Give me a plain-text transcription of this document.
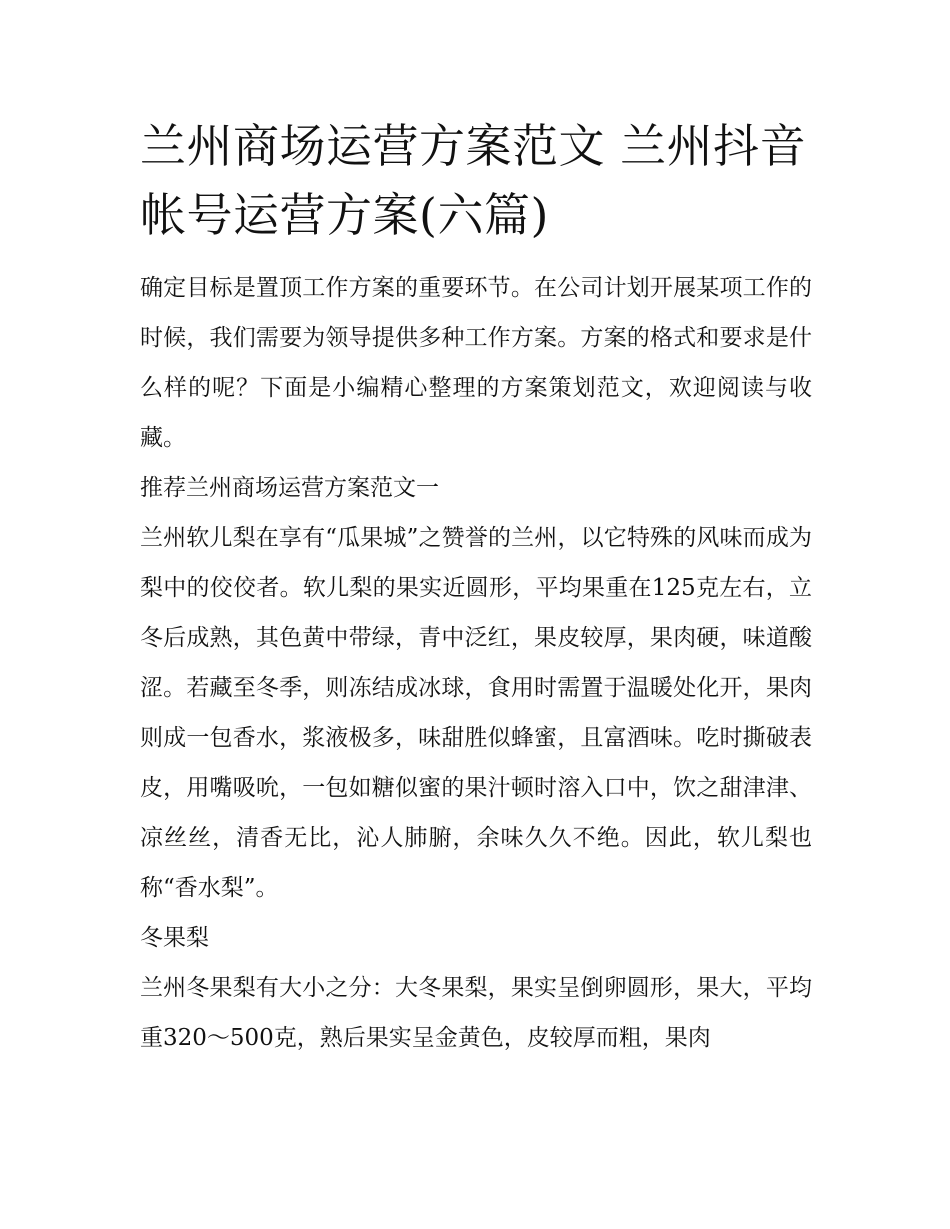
兰州商场运营方案范文 兰州抖音帐号运营方案(六篇)

确定目标是置顶工作方案的重要环节。在公司计划开展某项工作的时候，我们需要为领导提供多种工作方案。方案的格式和要求是什么样的呢？下面是小编精心整理的方案策划范文，欢迎阅读与收藏。

推荐兰州商场运营方案范文一

兰州软儿梨在享有“瓜果城”之赞誉的兰州，以它特殊的风味而成为梨中的佼佼者。软儿梨的果实近圆形，平均果重在125克左右，立冬后成熟，其色黄中带绿，青中泛红，果皮较厚，果肉硬，味道酸涩。若藏至冬季，则冻结成冰球，食用时需置于温暖处化开，果肉则成一包香水，浆液极多，味甜胜似蜂蜜，且富酒味。吃时撕破表皮，用嘴吸吮，一包如糖似蜜的果汁顿时溶入口中，饮之甜津津、凉丝丝，清香无比，沁人肺腑，余味久久不绝。因此，软儿梨也称“香水梨”。

冬果梨

兰州冬果梨有大小之分：大冬果梨，果实呈倒卵圆形，果大，平均重320～500克，熟后果实呈金黄色，皮较厚而粗，果肉
